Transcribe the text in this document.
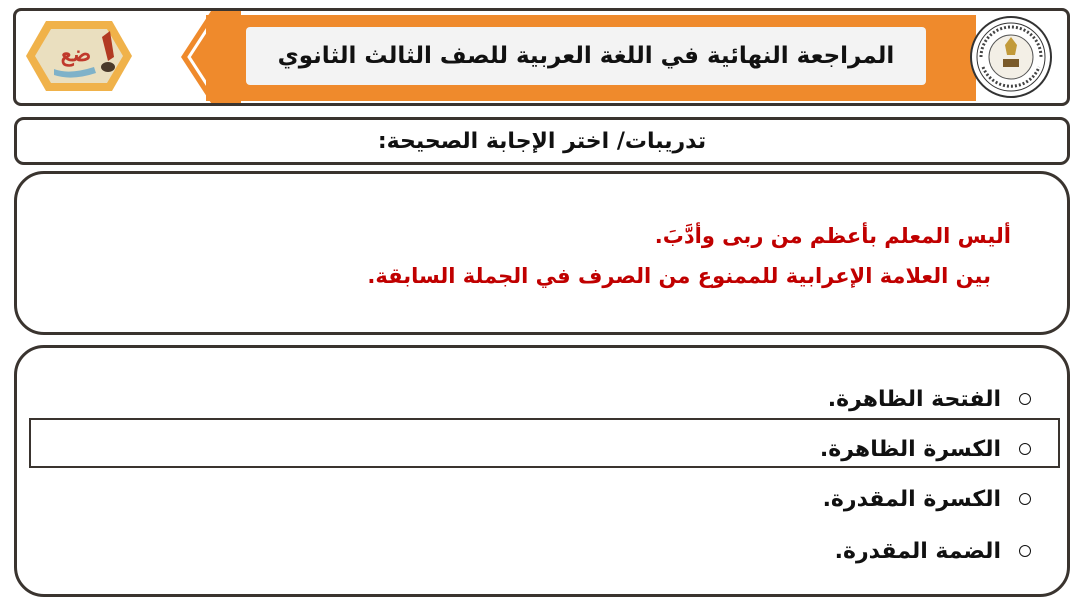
المراجعة النهائية في اللغة العربية للصف الثالث الثانوي
ضع
تدريبات/ اختر الإجابة الصحيحة:
أليس المعلم بأعظم من ربى وأدَّبَ.
بين العلامة الإعرابية للممنوع من الصرف في الجملة السابقة.
الفتحة الظاهرة.
الكسرة الظاهرة.
الكسرة المقدرة.
الضمة المقدرة.
